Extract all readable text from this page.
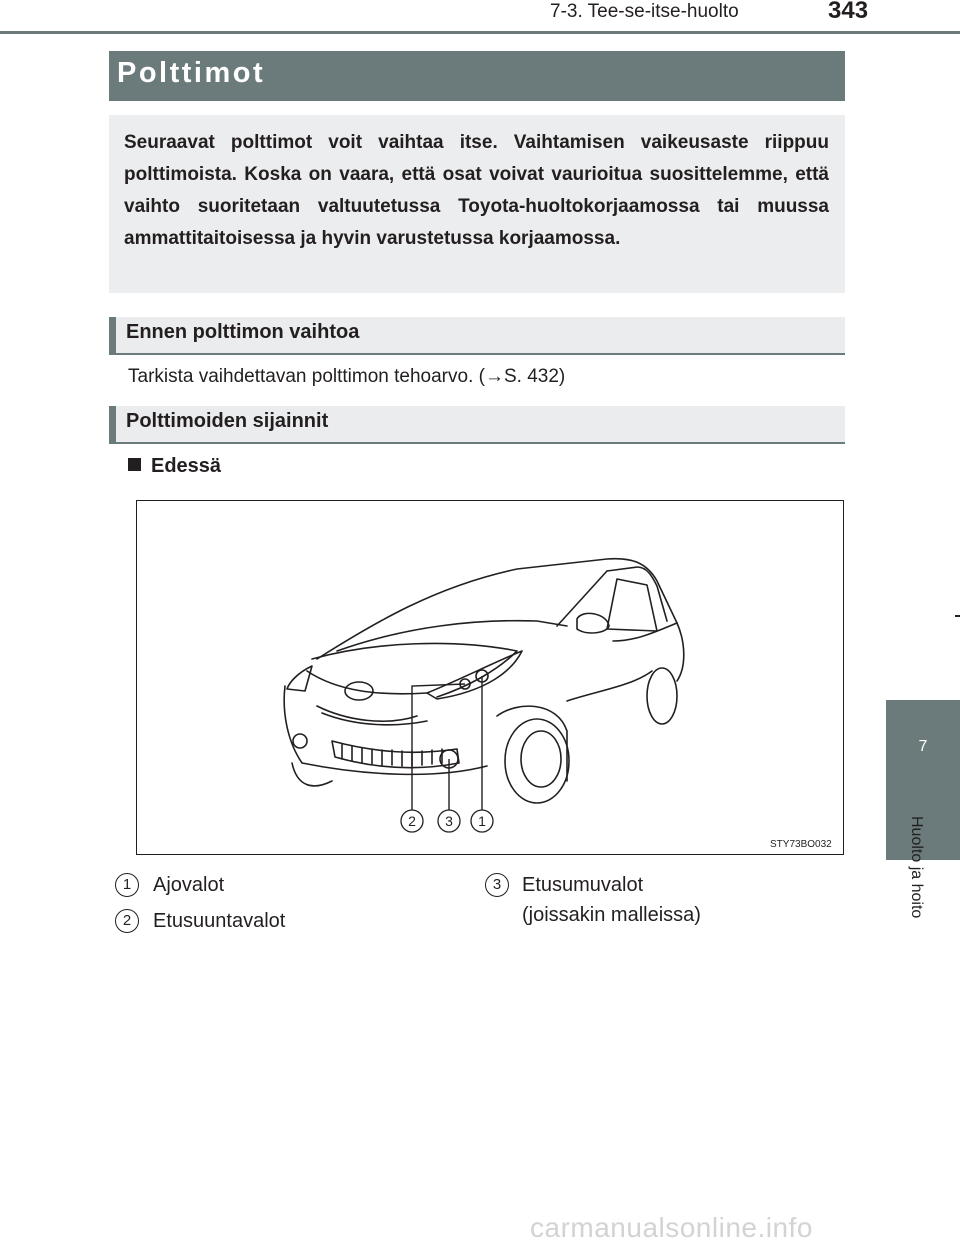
7-3. Tee-se-itse-huolto	343
Polttimot
Seuraavat polttimot voit vaihtaa itse. Vaihtamisen vaikeusaste riippuu polttimoista. Koska on vaara, että osat voivat vaurioitua suosittelemme, että vaihto suoritetaan valtuutetussa Toyota-huoltokorjaamossa tai muussa ammattitaitoisessa ja hyvin varustetussa korjaamossa.
Ennen polttimon vaihtoa
Tarkista vaihdettavan polttimon tehoarvo. (→S. 432)
Polttimoiden sijainnit
Edessä
2 3 1
STY73BO032
1	Ajovalot
2	Etusuuntavalot
3	Etusumuvalot
(joissakin malleissa)
7
Huolto ja hoito
carmanualsonline.info
